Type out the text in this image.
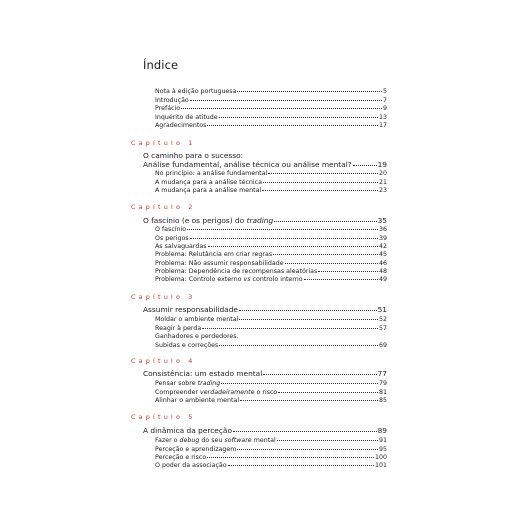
Índice
Nota à edição portuguesa	5
Introdução	7
Prefácio	9
Inquérito de atitude	13
Agradecimentos	17
Capítulo 1
O caminho para o sucesso:
Análise fundamental, análise técnica ou análise mental?	19
No princípio: a análise fundamental	20
A mudança para a análise técnica	21
A mudança para a análise mental	23
Capítulo 2
O fascínio (e os perigos) do trading	35
O fascínio	36
Os perigos	39
As salvaguardas	42
Problema: Relutância em criar regras	45
Problema: Não assumir responsabilidade	46
Problema: Dependência de recompensas aleatórias	48
Problema: Controlo externo vs controlo interno	49
Capítulo 3
Assumir responsabilidade	51
Moldar o ambiente mental	52
Reagir à perda	57
Ganhadores e perdedores.
Subidas e correções	69
Capítulo 4
Consistência: um estado mental	77
Pensar sobre trading	79
Compreender verdadeiramente o risco	81
Alinhar o ambiente mental	85
Capítulo 5
A dinâmica da perceção	89
Fazer o debug do seu software mental	91
Perceção e aprendizagem	95
Perceção e risco	100
O poder da associação	101
